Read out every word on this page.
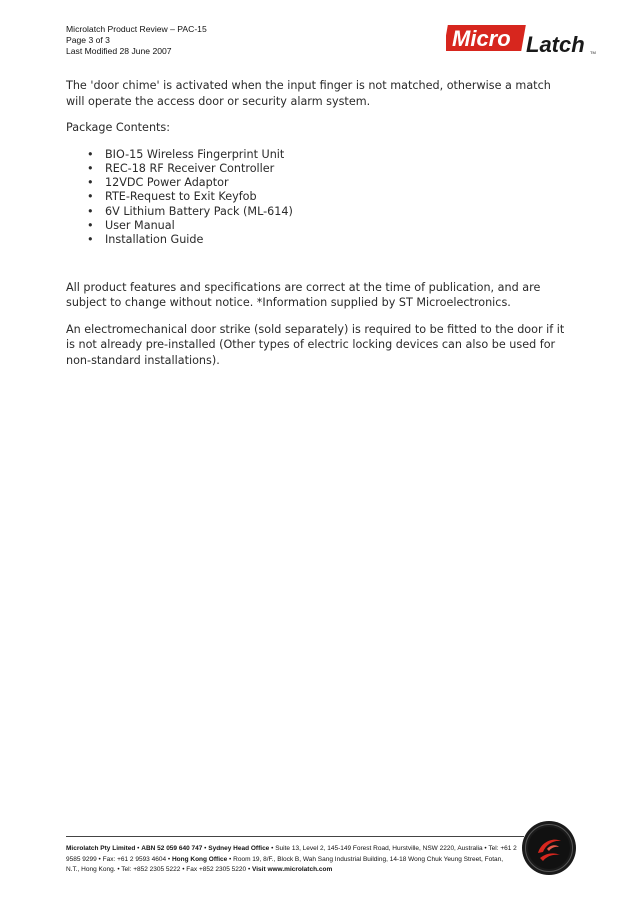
Microlatch Product Review – PAC-15
Page 3 of 3
Last Modified 28 June 2007	Micro Latch TM

The 'door chime' is activated when the input finger is not matched, otherwise a match will operate the access door or security alarm system.

Package Contents:

• BIO-15 Wireless Fingerprint Unit
• REC-18 RF Receiver Controller
• 12VDC Power Adaptor
• RTE-Request to Exit Keyfob
• 6V Lithium Battery Pack (ML-614)
• User Manual
• Installation Guide

All product features and specifications are correct at the time of publication, and are subject to change without notice. *Information supplied by ST Microelectronics.

An electromechanical door strike (sold separately) is required to be fitted to the door if it is not already pre-installed (Other types of electric locking devices can also be used for non-standard installations).

Microlatch Pty Limited • ABN 52 059 640 747 • Sydney Head Office • Suite 13, Level 2, 145-149 Forest Road, Hurstville, NSW 2220, Australia • Tel: +61 2 9585 9299 • Fax: +61 2 9593 4604 • Hong Kong Office • Room 19, 8/F., Block B, Wah Sang Industrial Building, 14-18 Wong Chuk Yeung Street, Fotan, N.T., Hong Kong. • Tel: +852 2305 5222 • Fax +852 2305 5220 • Visit www.microlatch.com
